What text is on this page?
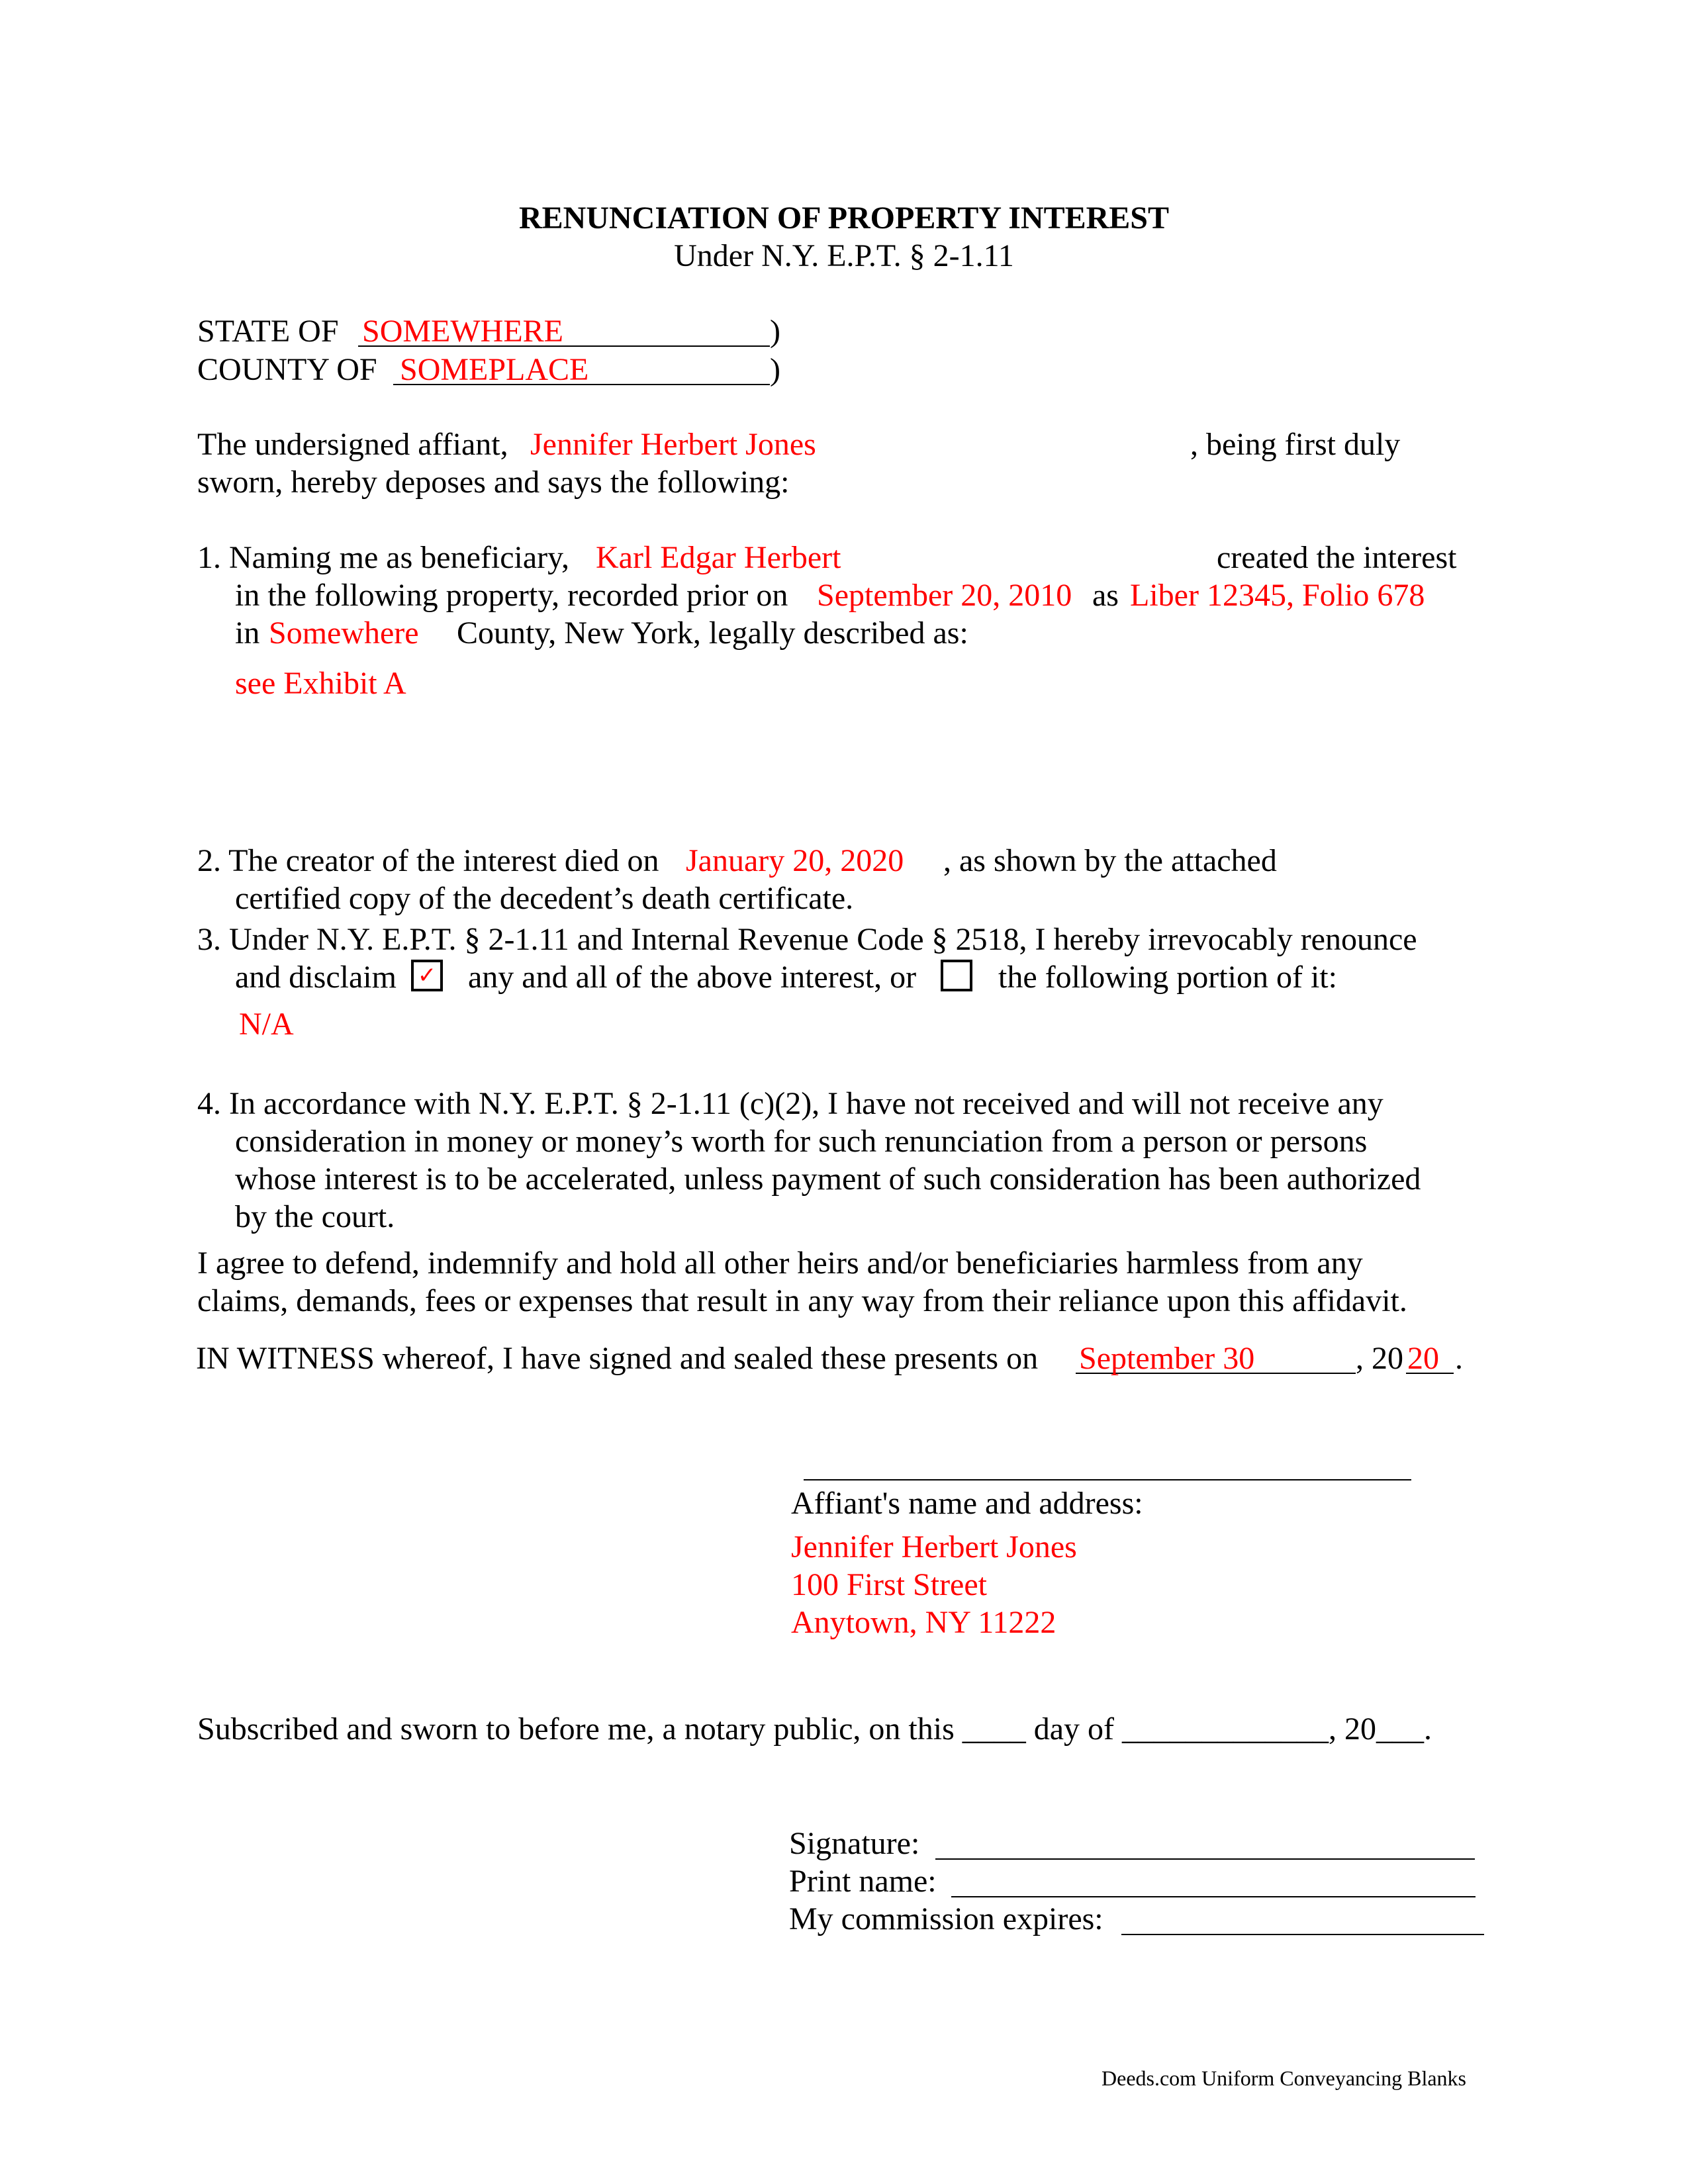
RENUNCIATION OF PROPERTY INTEREST
Under N.Y. E.P.T. § 2-1.11
STATE OF SOMEWHERE	)
COUNTY OF SOMEPLACE	)
The undersigned affiant, Jennifer Herbert Jones	, being first duly
sworn, hereby deposes and says the following:
1. Naming me as beneficiary, Karl Edgar Herbert	created the interest
in the following property, recorded prior on September 20, 2010 as Liber 12345, Folio 678
in Somewhere County, New York, legally described as:
see Exhibit A
2. The creator of the interest died on January 20, 2020 , as shown by the attached
certified copy of the decedent’s death certificate.
3. Under N.Y. E.P.T. § 2-1.11 and Internal Revenue Code § 2518, I hereby irrevocably renounce
and disclaim ✓ any and all of the above interest, or	the following portion of it:
N/A
4. In accordance with N.Y. E.P.T. § 2-1.11 (c)(2), I have not received and will not receive any
consideration in money or money’s worth for such renunciation from a person or persons
whose interest is to be accelerated, unless payment of such consideration has been authorized
by the court.
I agree to defend, indemnify and hold all other heirs and/or beneficiaries harmless from any
claims, demands, fees or expenses that result in any way from their reliance upon this affidavit.
IN WITNESS whereof, I have signed and sealed these presents on September 30	, 20 20 .
Affiant's name and address:
Jennifer Herbert Jones
100 First Street
Anytown, NY 11222
Subscribed and sworn to before me, a notary public, on this ____ day of _____________, 20___.
Signature:
Print name:
My commission expires:
Deeds.com Uniform Conveyancing Blanks
